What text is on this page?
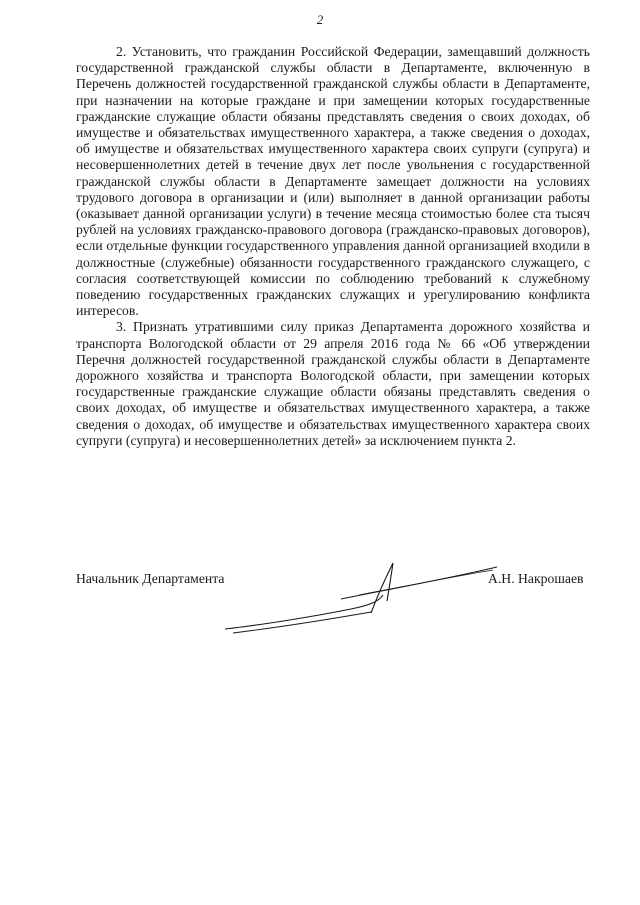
2

2. Установить, что гражданин Российской Федерации, замещавший должность государственной гражданской службы области в Департаменте, включенную в Перечень должностей государственной гражданской службы области в Департаменте, при назначении на которые граждане и при замещении которых государственные гражданские служащие области обязаны представлять сведения о своих доходах, об имуществе и обязательствах имущественного характера, а также сведения о доходах, об имуществе и обязательствах имущественного характера своих супруги (супруга) и несовершеннолетних детей в течение двух лет после увольнения с государственной гражданской службы области в Департаменте замещает должности на условиях трудового договора в организации и (или) выполняет в данной организации работы (оказывает данной организации услуги) в течение месяца стоимостью более ста тысяч рублей на условиях гражданско-правового договора (гражданско-правовых договоров), если отдельные функции государственного управления данной организацией входили в должностные (служебные) обязанности государственного гражданского служащего, с согласия соответствующей комиссии по соблюдению требований к служебному поведению государственных гражданских служащих и урегулированию конфликта интересов.

3. Признать утратившими силу приказ Департамента дорожного хозяйства и транспорта Вологодской области от 29 апреля 2016 года № 66 «Об утверждении Перечня должностей государственной гражданской службы области в Департаменте дорожного хозяйства и транспорта Вологодской области, при замещении которых государственные гражданские служащие области обязаны представлять сведения о своих доходах, об имуществе и обязательствах имущественного характера, а также сведения о доходах, об имуществе и обязательствах имущественного характера своих супруги (супруга) и несовершеннолетних детей» за исключением пункта 2.

Начальник Департамента	А.Н. Накрошаев
